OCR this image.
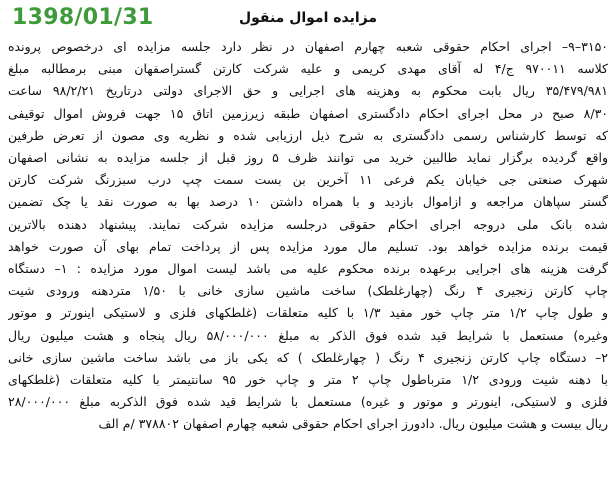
1398/01/31	مزایده اموال منقول
۳۱۵۰–۹– اجرای احکام حقوقی شعبه چهارم اصفهان در نظر دارد جلسه مزایده ای درخصوص پرونده
کلاسه ۹۷۰۰۱۱ ج/۴ له آقای مهدی کریمی و علیه شرکت کارتن گستراصفهان مبنی برمطالبه مبلغ
۳۵/۴۷۹/۹۸۱ ریال بابت محکوم به وهزینه های اجرایی و حق الاجرای دولتی درتاریخ ۹۸/۲/۲۱ ساعت
۸/۳۰ صبح در محل اجرای احکام دادگستری اصفهان طبقه زیرزمین اتاق ۱۵ جهت فروش اموال توقیفی
که توسط کارشناس رسمی دادگستری به شرح ذیل ارزیابی شده و نظریه وی مصون از تعرض طرفین
واقع گردیده برگزار نماید طالبین خرید می توانند ظرف ۵ روز قبل از جلسه مزایده به نشانی اصفهان
شهرک صنعتی جی خیابان یکم فرعی ۱۱ آخرین بن بست سمت چپ درب سبزرنگ شرکت کارتن
گستر سپاهان مراجعه و ازاموال بازدید و با همراه داشتن ۱۰ درصد بها به صورت نقد یا چک تضمین
شده بانک ملی دروجه اجرای احکام حقوقی درجلسه مزایده شرکت نمایند. پیشنهاد دهنده بالاترین
قیمت برنده مزایده خواهد بود. تسلیم مال مورد مزایده پس از پرداخت تمام بهای آن صورت خواهد
گرفت هزینه های اجرایی برعهده برنده محکوم علیه می باشد لیست اموال مورد مزایده : ۱– دستگاه
چاپ کارتن زنجیری ۴ رنگ (چهارغلطک) ساخت ماشین سازی خانی با ۱/۵۰ متردهنه ورودی شیت
و طول چاپ ۱/۲ متر چاپ خور مفید ۱/۳ با کلیه متعلقات (غلطکهای فلزی و لاستیکی اینورتر و موتور
وغیره) مستعمل با شرایط قید شده فوق الذکر به مبلغ ۵۸/۰۰۰/۰۰۰ ریال پنجاه و هشت میلیون ریال
۲– دستگاه چاپ کارتن زنجیری ۴ رنگ ( چهارغلطک ) که یکی باز می باشد ساخت ماشین سازی خانی
با دهنه شیت ورودی ۱/۲ مترباطول چاپ ۲ متر و چاپ خور ۹۵ سانتیمتر با کلیه متعلقات (غلطکهای
فلزی و لاستیکی، اینورتر و موتور و غیره) مستعمل با شرایط قید شده فوق الذکربه مبلغ ۲۸/۰۰۰/۰۰۰
ریال بیست و هشت میلیون ریال. دادورز اجرای احکام حقوقی شعبه چهارم اصفهان ۳۷۸۸۰۲ /م الف
